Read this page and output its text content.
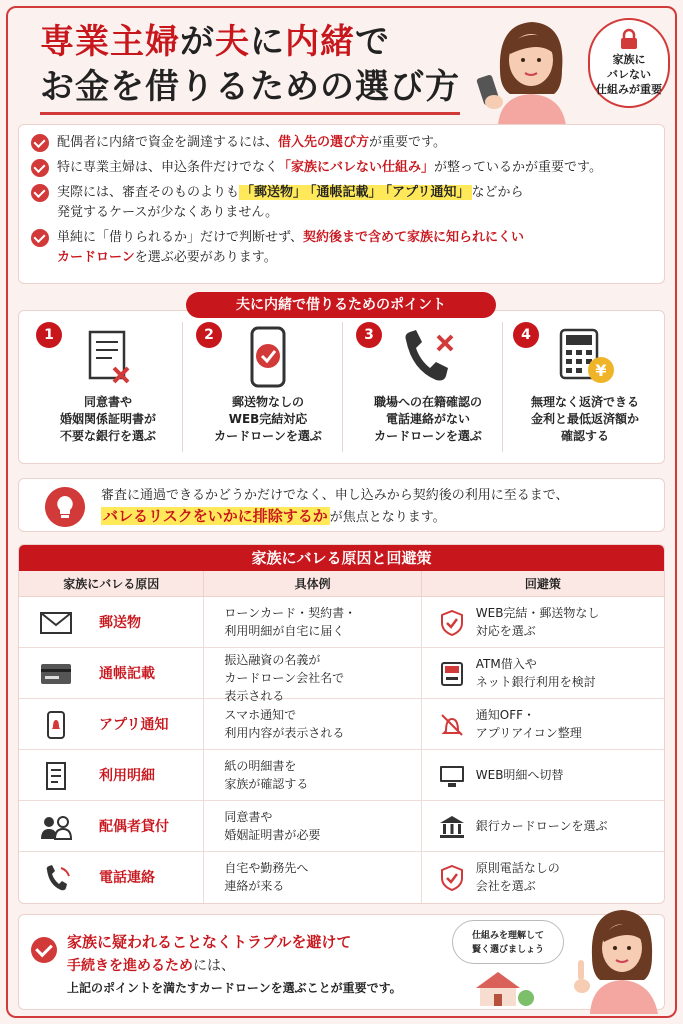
専業主婦が夫に内緒で
お金を借りるための選び方
家族に
バレない
仕組みが重要
配偶者に内緒で資金を調達するには、借入先の選び方が重要です。
特に専業主婦は、申込条件だけでなく「家族にバレない仕組み」が整っているかが重要です。
実際には、審査そのものよりも 「郵送物」 「通帳記載」 「アプリ通知」 などから
発覚するケースが少なくありません。
単純に「借りられるか」だけで判断せず、契約後まで含めて家族に知られにくい
カードローンを選ぶ必要があります。
夫に内緒で借りるためのポイント
1
同意書や
婚姻関係証明書が
不要な銀行を選ぶ
2
郵送物なしの
WEB完結対応
カードローンを選ぶ
3
職場への在籍確認の
電話連絡がない
カードローンを選ぶ
4
¥
無理なく返済できる
金利と最低返済額か
確認する
審査に通過できるかどうかだけでなく、申し込みから契約後の利用に至るまで、
バレるリスクをいかに排除するか が焦点となります。
家族にバレる原因と回避策
家族にバレる原因	具体例	回避策
郵送物
ローンカード・契約書・
利用明細が自宅に届く
WEB完結・郵送物なし
対応を選ぶ
通帳記載
振込融資の名義が
カードローン会社名で
表示される
ATM借入や
ネット銀行利用を検討
アプリ通知
スマホ通知で
利用内容が表示される
通知OFF・
アプリアイコン整理
利用明細
紙の明細書を
家族が確認する
WEB明細へ切替
配偶者貸付
同意書や
婚姻証明書が必要
銀行カードローンを選ぶ
電話連絡
自宅や勤務先へ
連絡が来る
原則電話なしの
会社を選ぶ
家族に疑われることなくトラブルを避けて
手続きを進めるためには、
上記のポイントを満たすカードローンを選ぶことが重要です。
仕組みを理解して
賢く選びましょう
